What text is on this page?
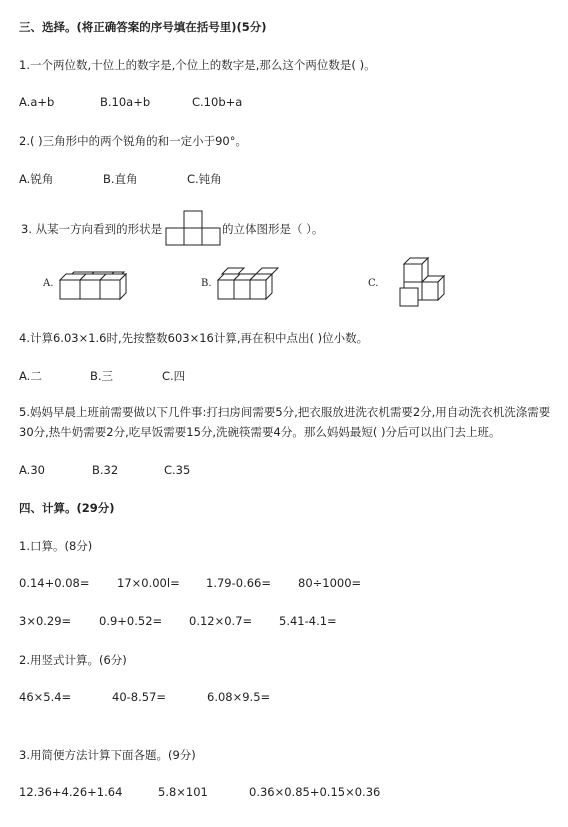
三、选择。(将正确答案的序号填在括号里)(5分)
1.一个两位数,十位上的数字是,个位上的数字是,那么这个两位数是( )。
A.a+b	B.10a+b	C.10b+a
2.( )三角形中的两个锐角的和一定小于90°。
A.锐角	B.直角	C.钝角
3. 从某一方向看到的形状是	的立体图形是（ ）。
A.	B.	C.
4.计算6.03×1.6时,先按整数603×16计算,再在积中点出( )位小数。
A.二	B.三	C.四
5.妈妈早晨上班前需要做以下几件事:打扫房间需要5分,把衣服放进洗衣机需要2分,用自动洗衣机洗涤需要30分,热牛奶需要2分,吃早饭需要15分,洗碗筷需要4分。那么妈妈最短( )分后可以出门去上班。
A.30	B.32	C.35
四、计算。(29分)
1.口算。(8分)
0.14+0.08= 17×0.00l= 1.79-0.66= 80÷1000=
3×0.29= 0.9+0.52= 0.12×0.7= 5.41-4.1=
2.用竖式计算。(6分)
46×5.4=	40-8.57=	6.08×9.5=
3.用简便方法计算下面各题。(9分)
12.36+4.26+1.64	5.8×101	0.36×0.85+0.15×0.36
